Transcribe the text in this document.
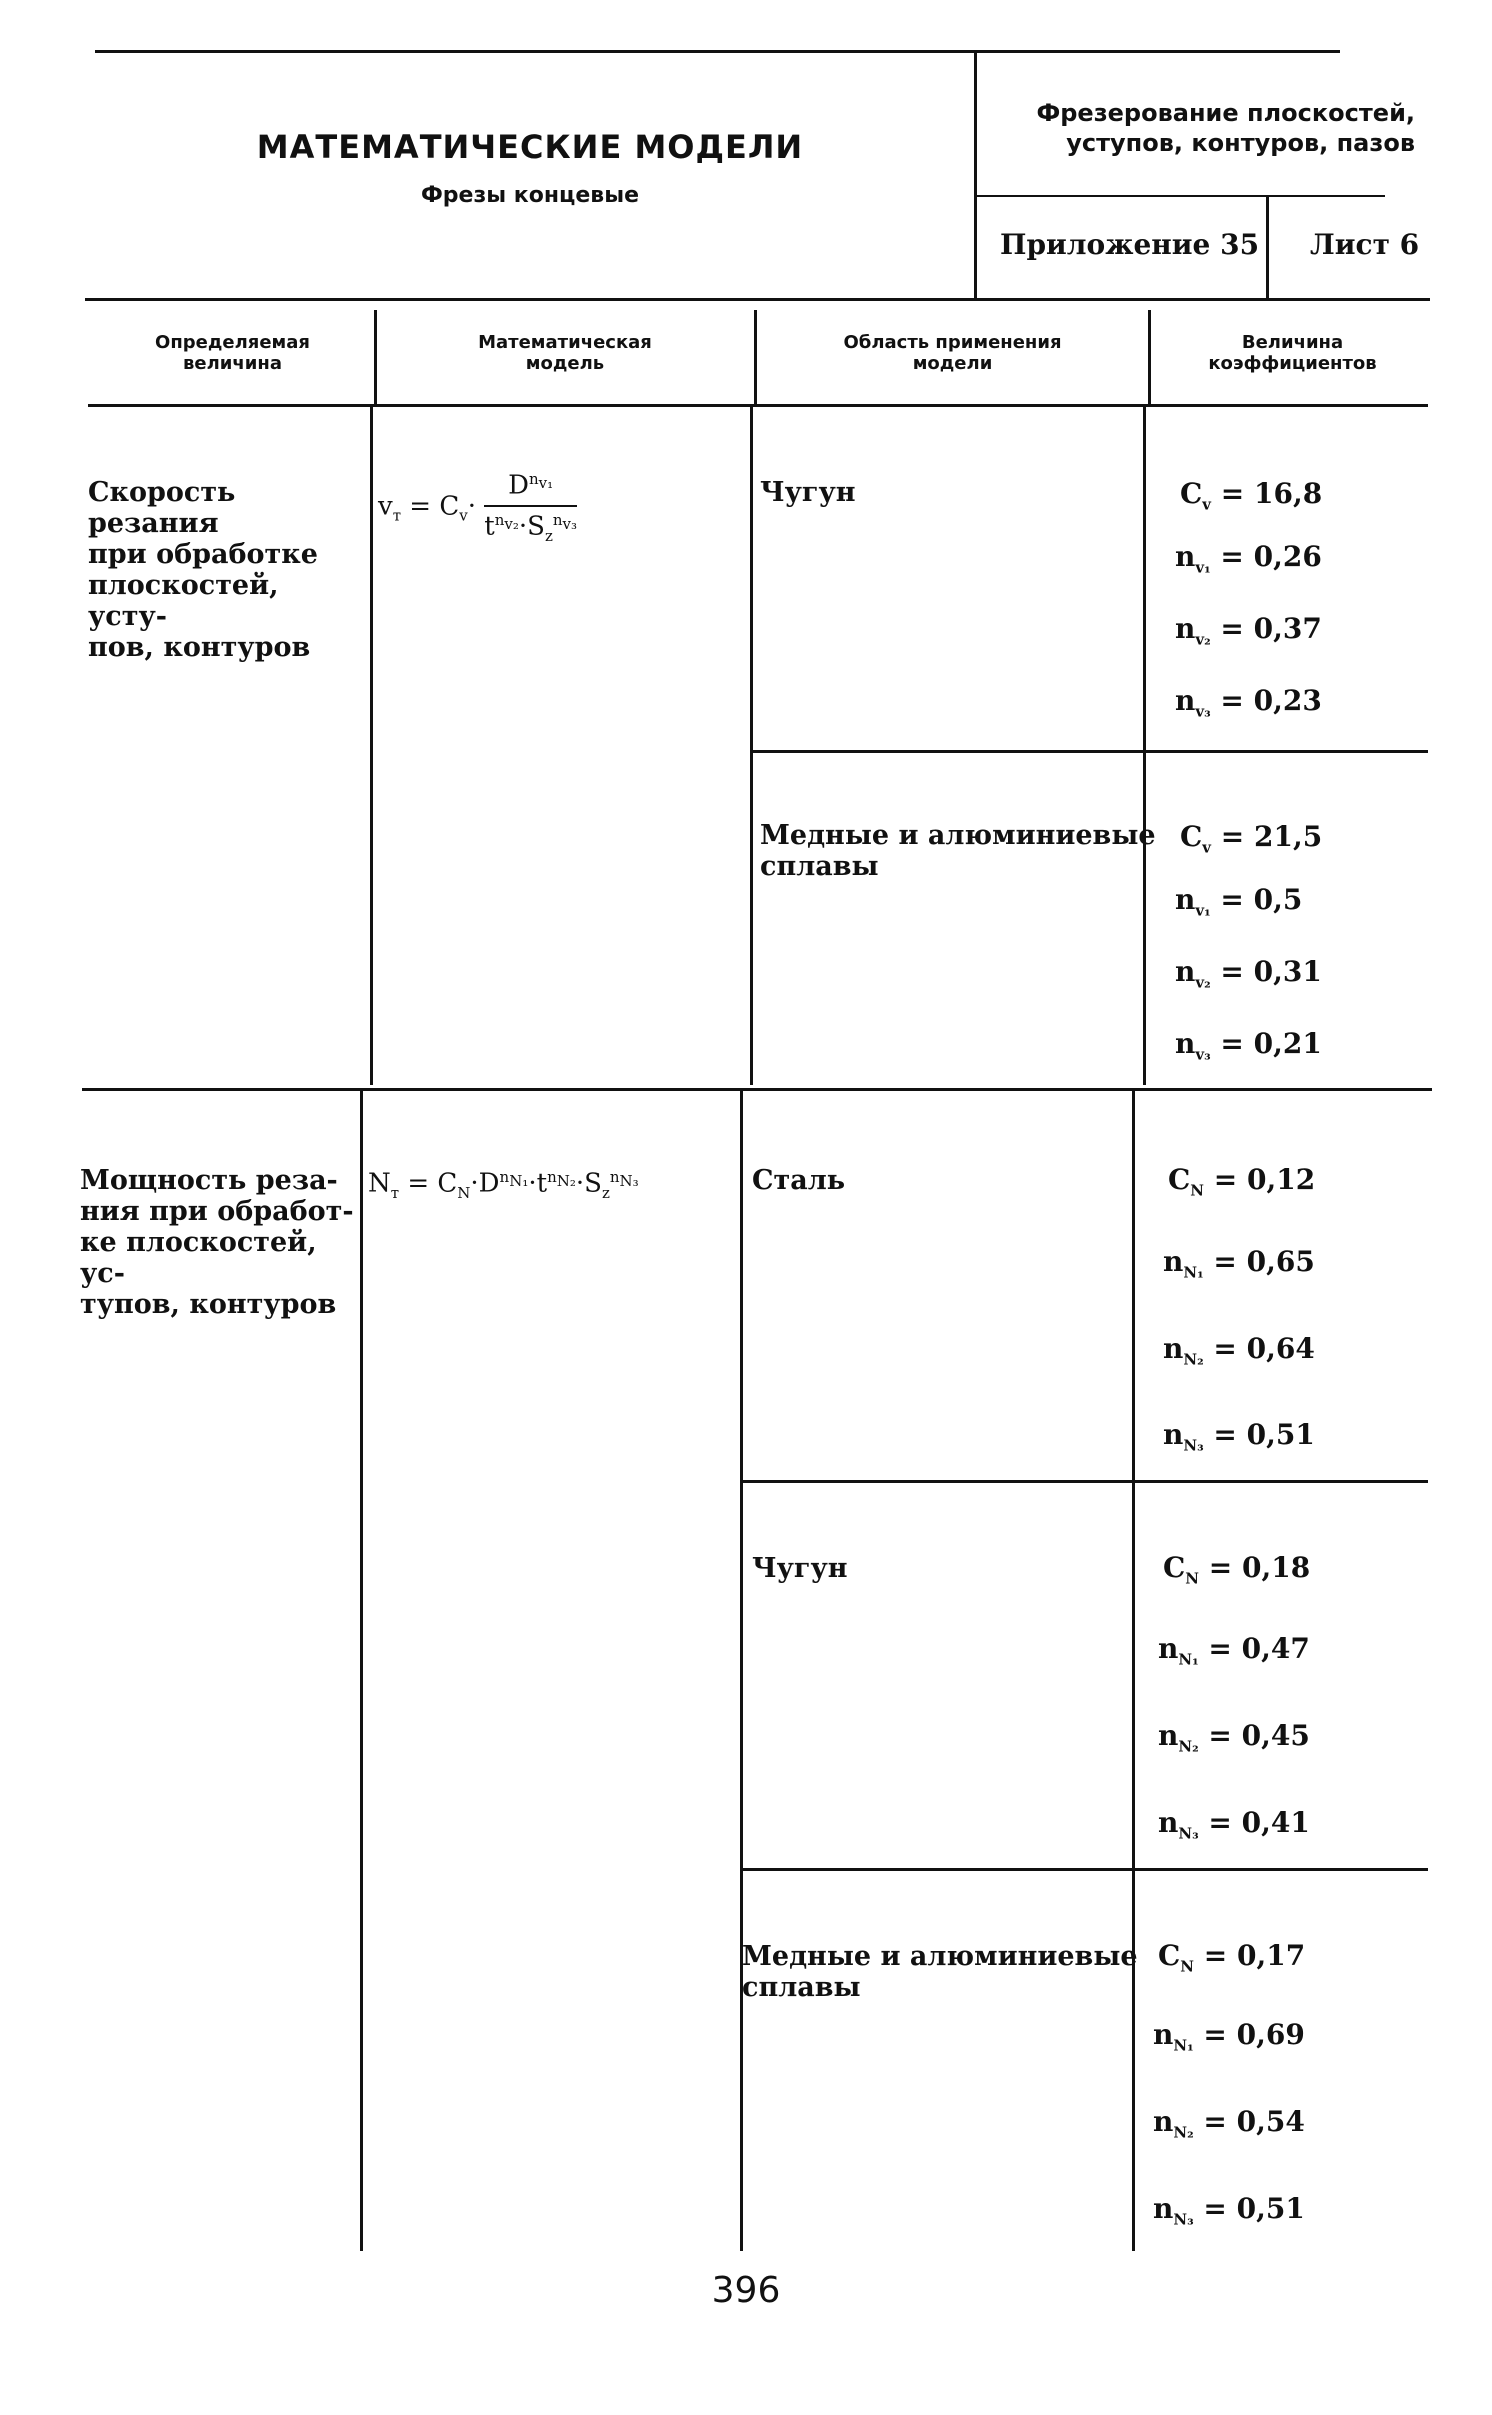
МАТЕМАТИЧЕСКИЕ МОДЕЛИ
Фрезы концевые
Фрезерование плоскостей,
уступов, контуров, пазов
Приложение 35 Лист 6
Определяемая
величина
Математическая
модель
Область применения
модели
Величина
коэффициентов
Скорость резания
при обработке
плоскостей, усту-
пов, контуров
$v_т = C_v\cdot \frac{D^{n_{v_1}}}{t^{n_{v_2}}\cdot S_z^{n_{v_3}}}$	Чугун
Медные и алюминиевые
сплавы
$C_v = 16,8$
$n_{v_1} = 0,26$
$n_{v_2} = 0,37$
$n_{v_3} = 0,23$
$C_v = 21,5$
$n_{v_1} = 0,5$
$n_{v_2} = 0,31$
$n_{v_3} = 0,21$
Мощность реза-
ния при обработ-
ке плоскостей, ус-
тупов, контуров
$N_т = C_N\cdot D^{n_{N_1}}\cdot t^{n_{N_2}}\cdot S_z^{n_{N_3}}$	Сталь
Чугун
Медные и алюминиевые
сплавы
$C_N = 0,12$
$n_{N_1} = 0,65$
$n_{N_2} = 0,64$
$n_{N_3} = 0,51$
$C_N = 0,18$
$n_{N_1} = 0,47$
$n_{N_2} = 0,45$
$n_{N_3} = 0,41$
$C_N = 0,17$
$n_{N_1} = 0,69$
$n_{N_2} = 0,54$
$n_{N_3} = 0,51$
396
